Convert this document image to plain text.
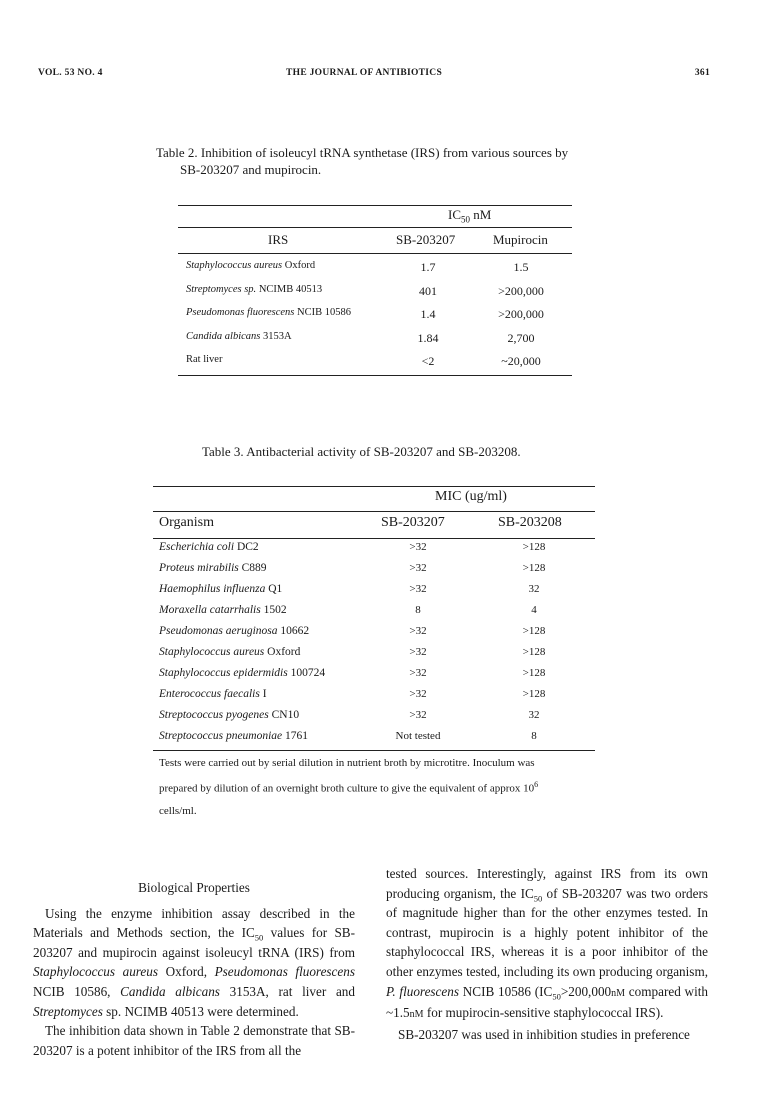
VOL. 53 NO. 4	THE JOURNAL OF ANTIBIOTICS	361
Table 2. Inhibition of isoleucyl tRNA synthetase (IRS) from various sources by
SB-203207 and mupirocin.
$IC_{50}$ nM
IRS	SB-203207	Mupirocin
Staphylococcus aureus Oxford	1.7	1.5
Streptomyces sp. NCIMB 40513	401	>200,000
Pseudomonas fluorescens NCIB 10586	1.4	>200,000
Candida albicans 3153A	1.84	2,700
Rat liver	<2	~20,000
Table 3. Antibacterial activity of SB-203207 and SB-203208.
MIC (ug/ml)
Organism	SB-203207	SB-203208
Escherichia coli DC2	>32	>128
Proteus mirabilis C889	>32	>128
Haemophilus influenza Q1	>32	32
Moraxella catarrhalis 1502	8	4
Pseudomonas aeruginosa 10662	>32	>128
Staphylococcus aureus Oxford	>32	>128
Staphylococcus epidermidis 100724	>32	>128
Enterococcus faecalis I	>32	>128
Streptococcus pyogenes CN10	>32	32
Streptococcus pneumoniae 1761	Not tested	8
Tests were carried out by serial dilution in nutrient broth by microtitre. Inoculum was
prepared by dilution of an overnight broth culture to give the equivalent of approx $10^6$
cells/ml.

Biological Properties

Using the enzyme inhibition assay described in the Materials and Methods section, the $IC_{50}$ values for SB-203207 and mupirocin against isoleucyl tRNA (IRS) from Staphylococcus aureus Oxford, Pseudomonas fluorescens NCIB 10586, Candida albicans 3153A, rat liver and Streptomyces sp. NCIMB 40513 were determined.

The inhibition data shown in Table 2 demonstrate that SB-203207 is a potent inhibitor of the IRS from all the

tested sources. Interestingly, against IRS from its own producing organism, the $IC_{50}$ of SB-203207 was two orders of magnitude higher than for the other enzymes tested. In contrast, mupirocin is a highly potent inhibitor of the staphylococcal IRS, whereas it is a poor inhibitor of the other enzymes tested, including its own producing organism, P. fluorescens NCIB 10586 ($IC_{50}>200,000nM$ compared with ~1.5nM for mupirocin-sensitive staphylococcal IRS).

SB-203207 was used in inhibition studies in preference
